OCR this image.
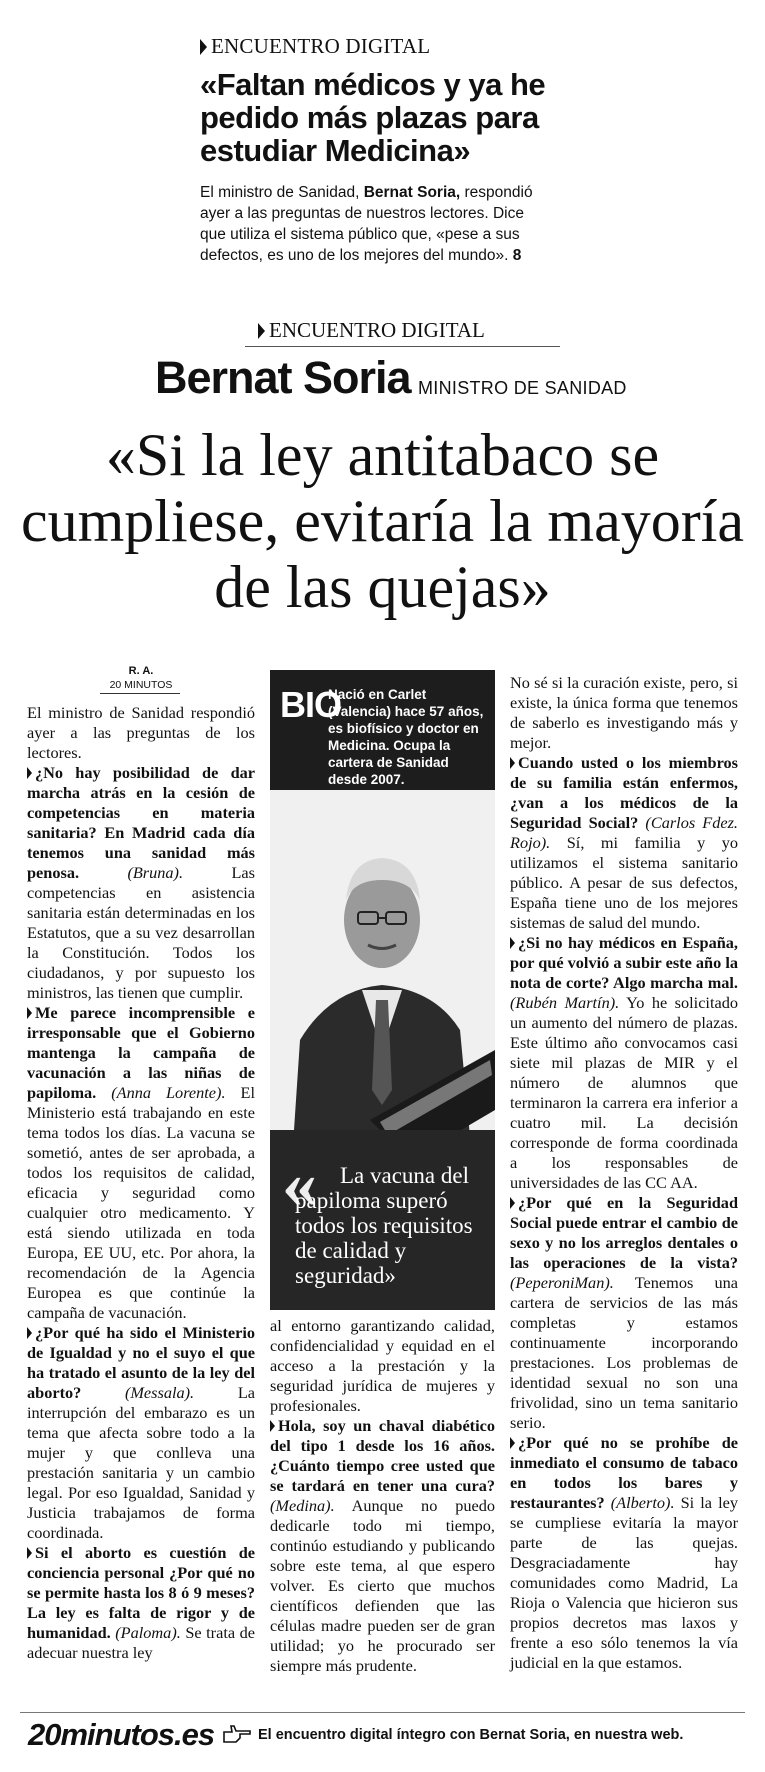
ENCUENTRO DIGITAL
«Faltan médicos y ya he pedido más plazas para estudiar Medicina»
El ministro de Sanidad, Bernat Soria, respondió ayer a las preguntas de nuestros lectores. Dice que utiliza el sistema público que, «pese a sus defectos, es uno de los mejores del mundo». 8
ENCUENTRO DIGITAL
Bernat Soria MINISTRO DE SANIDAD
«Si la ley antitabaco se cumpliese, evitaría la mayoría de las quejas»
R. A.
20 MINUTOS

El ministro de Sanidad respondió ayer a las preguntas de los lectores.

¿No hay posibilidad de dar marcha atrás en la cesión de competencias en materia sanitaria? En Madrid cada día tenemos una sanidad más penosa.	(Bruna).	Las competencias en asistencia sanitaria están determinadas en los Estatutos, que a su vez desarrollan la Constitución. Todos los ciudadanos, y por supuesto los ministros, las tienen que cumplir.

Me parece incomprensible e irresponsable que el Gobierno mantenga la campaña de vacunación a las niñas de papiloma. (Anna Lorente). El Ministerio está trabajando en este tema todos los días. La vacuna se sometió, antes de ser aprobada, a todos los requisitos de calidad, eficacia y seguridad como cualquier otro medicamento. Y está siendo utilizada en toda Europa, EE UU, etc. Por ahora, la recomendación de la Agencia Europea es que continúe la campaña de vacunación.

¿Por qué ha sido el Ministerio de Igualdad y no el suyo el que ha tratado el asunto de la ley del aborto?	(Messala).	La interrupción del embarazo es un tema que afecta sobre todo a la mujer y que conlleva una prestación sanitaria y un cambio legal. Por eso Igualdad, Sanidad y Justicia trabajamos de forma coordinada.

Si el aborto es cuestión de conciencia personal ¿Por qué no se permite hasta los 8 ó 9 meses? La ley es falta de rigor y de humanidad. (Paloma). Se trata de adecuar nuestra ley

BIO
Nació en Carlet (Valencia) hace 57 años, es biofísico y doctor en Medicina. Ocupa la cartera de Sanidad desde 2007.
«	La vacuna del papiloma superó todos los requisitos de calidad y seguridad»

al entorno garantizando calidad, confidencialidad y equidad en el acceso a la prestación y la seguridad jurídica de mujeres y profesionales.

Hola, soy un chaval diabético del tipo 1 desde los 16 años. ¿Cuánto tiempo cree usted que se tardará en tener una cura? (Medina). Aunque no puedo dedicarle todo mi tiempo, continúo estudiando y publicando sobre este tema, al que espero volver. Es cierto que muchos científicos defienden que las células madre pueden ser de gran utilidad; yo he procurado ser siempre más prudente.

No sé si la curación existe, pero, si existe, la única forma que tenemos de saberlo es investigando más y mejor.

Cuando usted o los miembros de su familia están enfermos, ¿van a los médicos de la Seguridad Social? (Carlos Fdez. Rojo). Sí, mi familia y yo utilizamos el sistema sanitario público. A pesar de sus defectos, España tiene uno de los mejores sistemas de salud del mundo.

¿Si no hay médicos en España, por qué volvió a subir este año la nota de corte? Algo marcha mal. (Rubén Martín). Yo he solicitado un aumento del número de plazas. Este último año convocamos casi siete mil plazas de MIR y el número de alumnos que terminaron la carrera era inferior a cuatro mil. La decisión corresponde de forma coordinada a los responsables de universidades de las CC AA.

¿Por qué en la Seguridad Social puede entrar el cambio de sexo y no los arreglos dentales o las operaciones de la vista? (PeperoniMan). Tenemos una cartera de servicios de las más completas y estamos continuamente incorporando prestaciones. Los problemas de identidad sexual no son una frivolidad, sino un tema sanitario serio.

¿Por qué no se prohíbe de inmediato el consumo de tabaco en todos los bares y restaurantes? (Alberto). Si la ley se cumpliese evitaría la mayor parte de las quejas. Desgraciadamente hay comunidades como Madrid, La Rioja o Valencia que hicieron sus propios decretos mas laxos y frente a eso sólo tenemos la vía judicial en la que estamos.

20minutos.es	El encuentro digital íntegro con Bernat Soria, en nuestra web.
